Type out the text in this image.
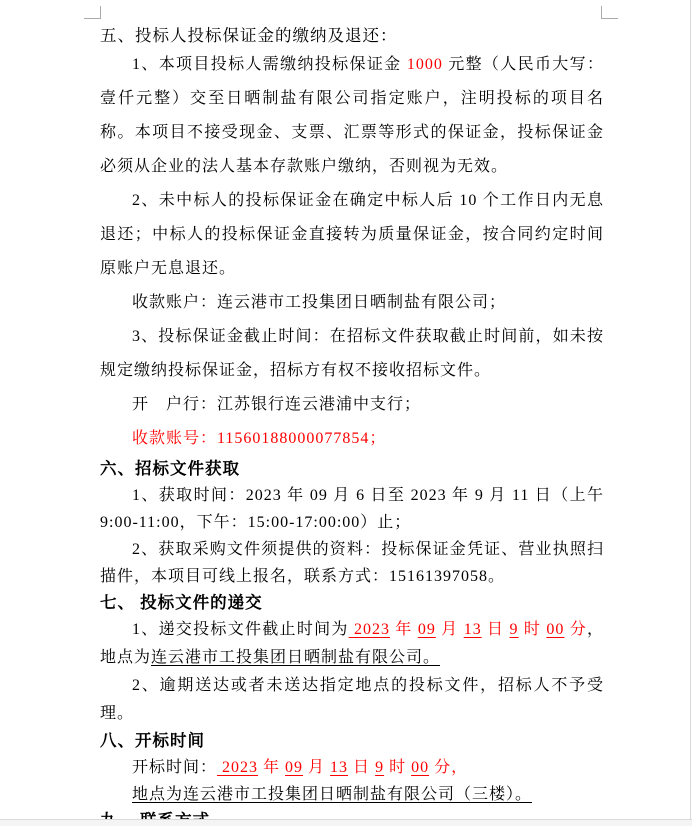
五、投标人投标保证金的缴纳及退还：

1、本项目投标人需缴纳投标保证金 1000 元整（人民币大写：壹仟元整）交至日晒制盐有限公司指定账户，注明投标的项目名称。本项目不接受现金、支票、汇票等形式的保证金，投标保证金必须从企业的法人基本存款账户缴纳，否则视为无效。

2、未中标人的投标保证金在确定中标人后 10 个工作日内无息退还；中标人的投标保证金直接转为质量保证金，按合同约定时间原账户无息退还。

收款账户：连云港市工投集团日晒制盐有限公司；

3、投标保证金截止时间：在招标文件获取截止时间前，如未按规定缴纳投标保证金，招标方有权不接收招标文件。

开　户行：江苏银行连云港浦中支行；

收款账号：11560188000077854；

六、招标文件获取

1、获取时间：2023 年 09 月 6 日至 2023 年 9 月 11 日（上午 9:00-11:00，下午：15:00-17:00:00）止；

2、获取采购文件须提供的资料：投标保证金凭证、营业执照扫描件，本项目可线上报名，联系方式：15161397058。

七、 投标文件的递交

1、递交投标文件截止时间为 2023 年 09 月 13 日 9 时 00 分，地点为连云港市工投集团日晒制盐有限公司。

2、逾期送达或者未送达指定地点的投标文件，招标人不予受理。

八、开标时间

开标时间： 2023 年 09 月 13 日 9 时 00 分，

地点为连云港市工投集团日晒制盐有限公司（三楼）。
